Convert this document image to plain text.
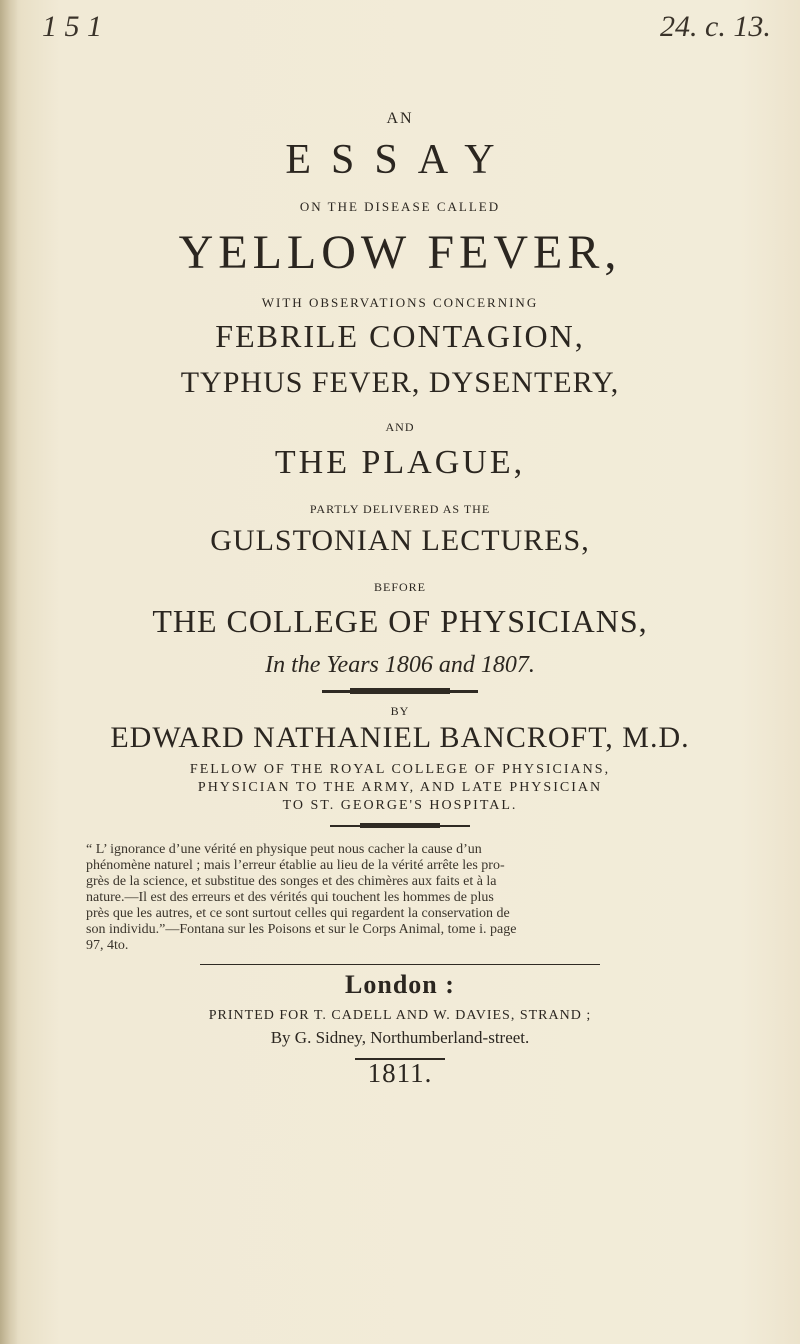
1 5 1	24. c. 13.
AN
ESSAY
ON THE DISEASE CALLED
YELLOW FEVER,
WITH OBSERVATIONS CONCERNING
FEBRILE CONTAGION,
TYPHUS FEVER, DYSENTERY,
AND
THE PLAGUE,
PARTLY DELIVERED AS THE
GULSTONIAN LECTURES,
BEFORE
THE COLLEGE OF PHYSICIANS,
In the Years 1806 and 1807.
BY
EDWARD NATHANIEL BANCROFT, M.D.
FELLOW OF THE ROYAL COLLEGE OF PHYSICIANS,
PHYSICIAN TO THE ARMY, AND LATE PHYSICIAN
TO ST. GEORGE'S HOSPITAL.
“ L’ ignorance d’une vérité en physique peut nous cacher la cause d’un
phénomène naturel ; mais l’erreur établie au lieu de la vérité arrête les pro-
grès de la science, et substitue des songes et des chimères aux faits et à la
nature.—Il est des erreurs et des vérités qui touchent les hommes de plus
près que les autres, et ce sont surtout celles qui regardent la conservation de
son individu.”—Fontana sur les Poisons et sur le Corps Animal, tome i. page
97, 4to.
London :
PRINTED FOR T. CADELL AND W. DAVIES, STRAND ;
By G. Sidney, Northumberland-street.
1811.
